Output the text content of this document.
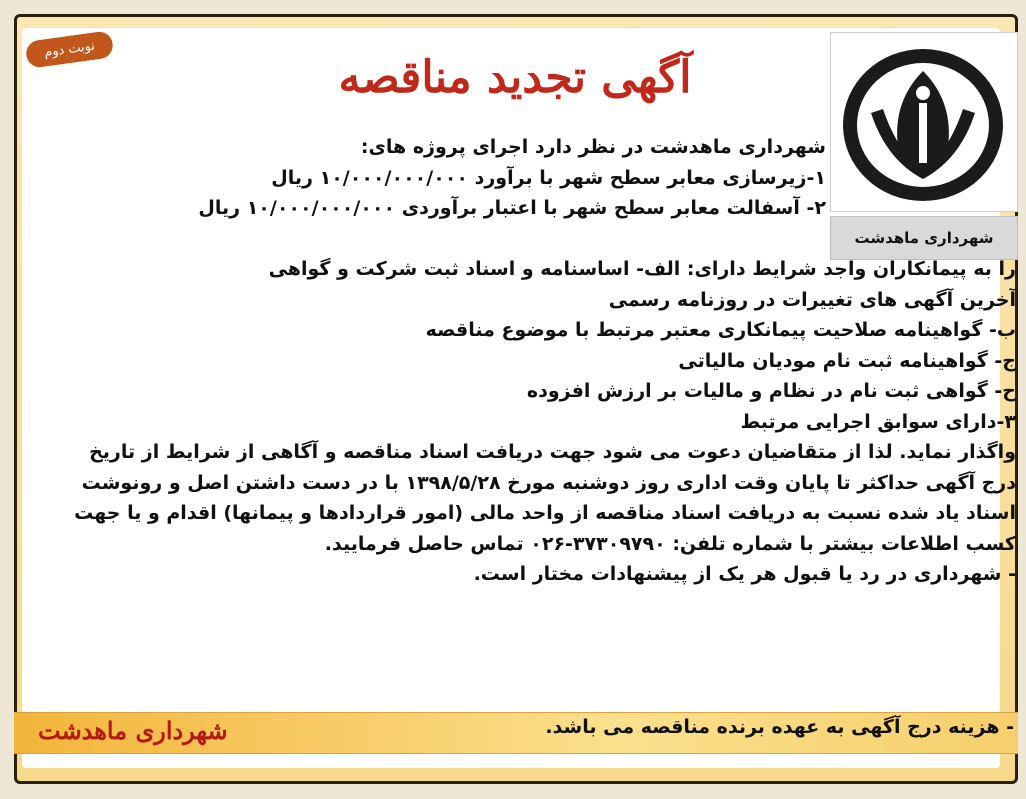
نوبت دوم
آگهی تجدید مناقصه
شهرداری ماهدشت
شهرداری ماهدشت در نظر دارد اجرای پروژه های:
۱-زیرسازی معابر سطح شهر با برآورد ۱۰/۰۰۰/۰۰۰/۰۰۰ ریال
۲- آسفالت معابر سطح شهر با اعتبار برآوردی ۱۰/۰۰۰/۰۰۰/۰۰۰ ریال
را به پیمانکاران واجد شرایط دارای: الف- اساسنامه و اسناد ثبت شرکت و گواهی
آخرین آگهی های تغییرات در روزنامه رسمی
ب- گواهینامه صلاحیت پیمانکاری معتبر مرتبط با موضوع مناقصه
ج- گواهینامه ثبت نام مودیان مالیاتی
ح- گواهی ثبت نام در نظام و مالیات بر ارزش افزوده
۳-دارای سوابق اجرایی مرتبط
واگذار نماید. لذا از متقاضیان دعوت می شود جهت دریافت اسناد مناقصه و آگاهی از شرایط از تاریخ
درج آگهی حداکثر تا پایان وقت اداری روز دوشنبه مورخ ۱۳۹۸/۵/۲۸ با در دست داشتن اصل و رونوشت
اسناد یاد شده نسبت به دریافت اسناد مناقصه از واحد مالی (امور قراردادها و پیمانها) اقدام و یا جهت
کسب اطلاعات بیشتر با شماره تلفن: ۳۷۳۰۹۷۹۰-۰۲۶ تماس حاصل فرمایید.
- شهرداری در رد یا قبول هر یک از پیشنهادات مختار است.
شهرداری ماهدشت	- هزینه درج آگهی به عهده برنده مناقصه می باشد.
